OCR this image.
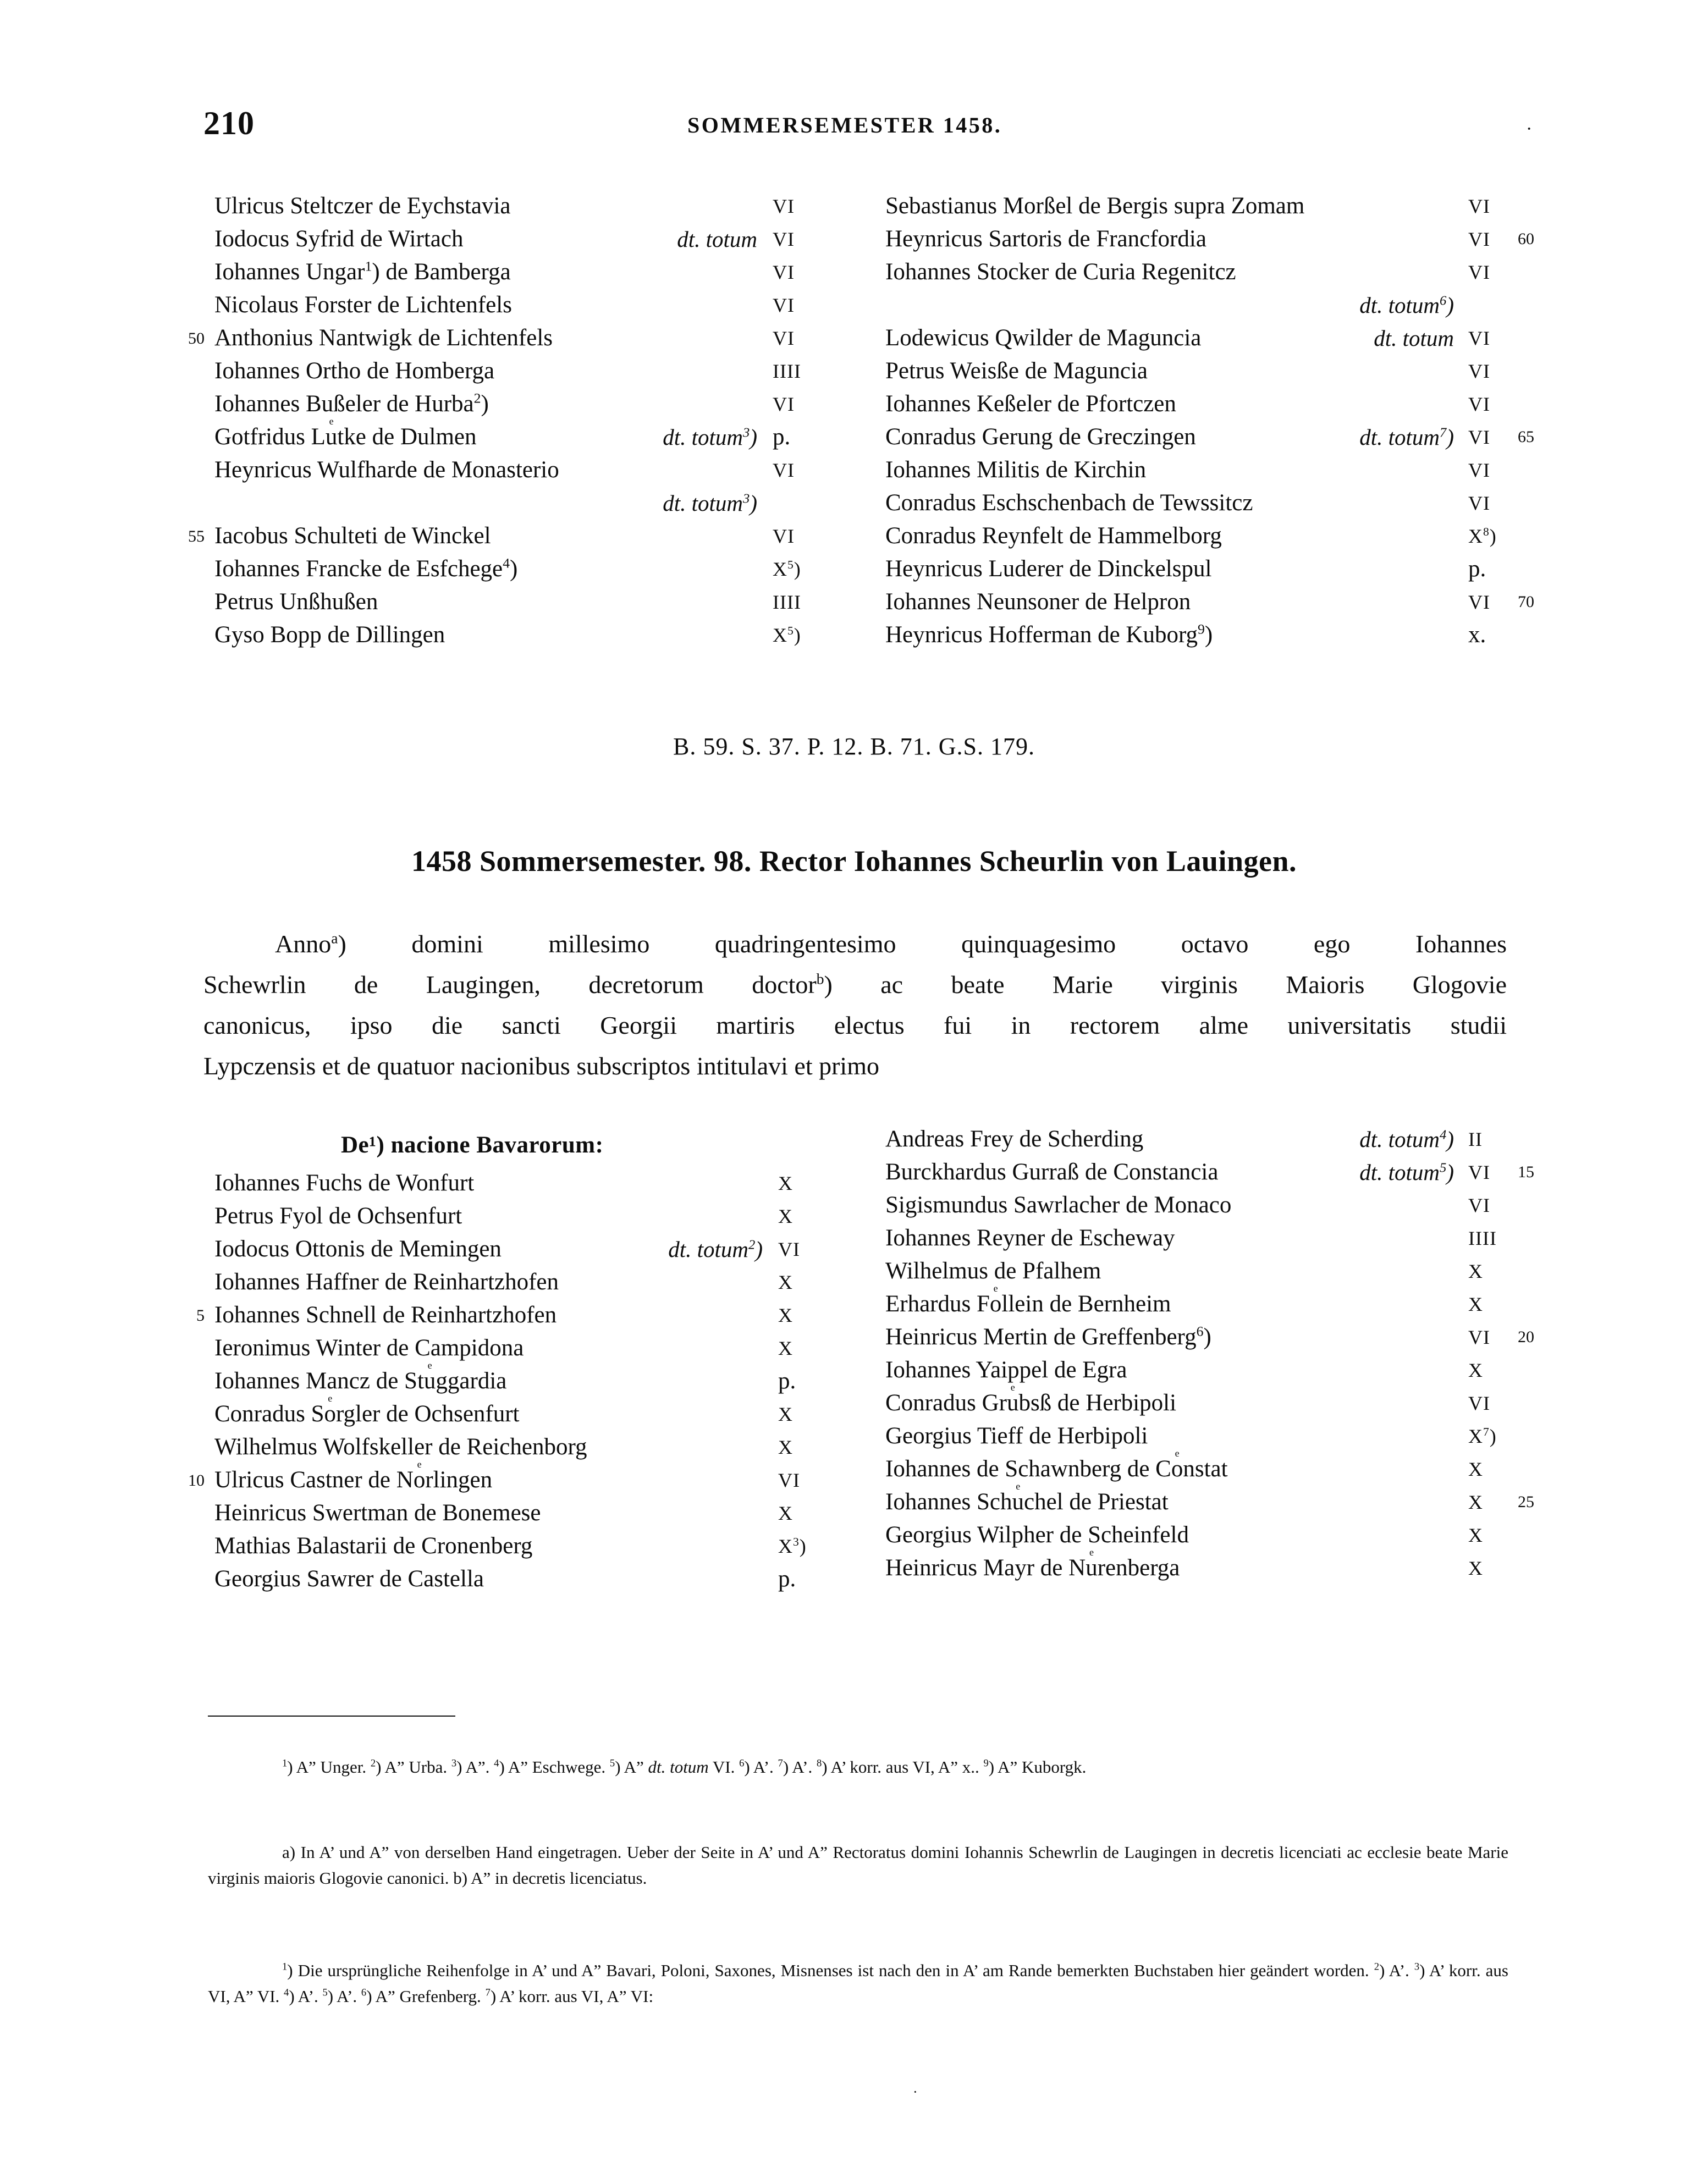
210	SOMMERSEMESTER 1458.	·
Ulricus Steltczer de Eychstavia	VI
Iodocus Syfrid de Wirtach	dt. totum VI
Iohannes Ungar$^1$) de Bamberga	VI
Nicolaus Forster de Lichtenfels	VI
50 Anthonius Nantwigk de Lichtenfels	VI
Iohannes Ortho de Homberga	IIII
Iohannes Bußeler de Hurba$^2$)	VI
Gotfridus Lu
e
tke de Dulmen	dt. totum$^3$) p.
Heynricus Wulfharde de Monasterio	VI
dt. totum$^3$)
55 Iacobus Schulteti de Winckel	VI
Iohannes Francke de Esfchege$^4$)	$X^5$)
Petrus Unßhußen	IIII
Gyso Bopp de Dillingen	$X^5$)
Sebastianus Morßel de Bergis supra Zomam	VI
Heynricus Sartoris de Francfordia	VI 60
Iohannes Stocker de Curia Regenitcz	VI
dt. totum$^6$)
Lodewicus Qwilder de Maguncia	dt. totum VI
Petrus Weisße de Maguncia	VI
Iohannes Keßeler de Pfortczen	VI
Conradus Gerung de Greczingen	dt. totum$^7$) VI 65
Iohannes Militis de Kirchin	VI
Conradus Eschschenbach de Tewssitcz	VI
Conradus Reynfelt de Hammelborg	$X^8$)
Heynricus Luderer de Dinckelspul	p.
Iohannes Neunsoner de Helpron	VI 70
Heynricus Hofferman de Kuborg$^9$)	x.
B. 59. S. 37. P. 12. B. 71. G.S. 179.
1458 Sommersemester. 98. Rector Iohannes Scheurlin von Lauingen.
Anno$^a$) domini millesimo quadringentesimo quinquagesimo octavo ego Iohannes
Schewrlin de Laugingen, decretorum doctor$^b$) ac beate Marie virginis Maioris Glogovie
canonicus, ipso die sancti Georgii martiris electus fui in rectorem alme universitatis studii
Lypczensis et de quatuor nacionibus subscriptos intitulavi et primo
De¹) nacione Bavarorum:
Iohannes Fuchs de Wonfurt	X
Petrus Fyol de Ochsenfurt	X
Iodocus Ottonis de Memingen	dt. totum$^2$) VI
Iohannes Haffner de Reinhartzhofen	X
5 Iohannes Schnell de Reinhartzhofen	X
Ieronimus Winter de Campidona	X
Iohannes Mancz de Stu
e
ggardia	p.
Conradus So
e
rgler de Ochsenfurt	X
Wilhelmus Wolfskeller de Reichenborg	X
10 Ulricus Castner de No
e
rlingen	VI
Heinricus Swertman de Bonemese	X
Mathias Balastarii de Cronenberg	$X^3$)
Georgius Sawrer de Castella	p.
Andreas Frey de Scherding	dt. totum$^4$) II
Burckhardus Gurraß de Constancia	dt. totum$^5$) VI 15
Sigismundus Sawrlacher de Monaco	VI
Iohannes Reyner de Escheway	IIII
Wilhelmus de Pfalhem	X
Erhardus Fo
e
llein de Bernheim	X
Heinricus Mertin de Greffenberg$^6$)	VI 20
Iohannes Yaippel de Egra	X
Conradus Gru
e
bsß de Herbipoli	VI
Georgius Tieff de Herbipoli	$X^7$)
Iohannes de Schawnberg de Co
e
nstat	X
Iohannes Schu
e
chel de Priestat	X 25
Georgius Wilpher de Scheinfeld	X
Heinricus Mayr de Nu
e
renberga	X
$^1$) A” Unger. $^2$) A” Urba. $^3$) A”. $^4$) A” Eschwege. $^5$) A” dt. totum VI. $^6$) A’. $^7$) A’. $^8$) A’ korr. aus VI, A” x.. $^9$) A” Kuborgk.
a) In A’ und A” von derselben Hand eingetragen. Ueber der Seite in A’ und A” Rectoratus domini Iohannis Schewrlin de Laugingen in decretis licenciati ac ecclesie beate Marie virginis maioris Glogovie canonici. b) A” in decretis licenciatus.
$^1$) Die ursprüngliche Reihenfolge in A’ und A” Bavari, Poloni, Saxones, Misnenses ist nach den in A’ am Rande bemerkten Buchstaben hier geändert worden. $^2$) A’. $^3$) A’ korr. aus VI, A” VI. $^4$) A’. $^5$) A’. $^6$) A” Grefenberg. $^7$) A’ korr. aus VI, A” VI:
·
